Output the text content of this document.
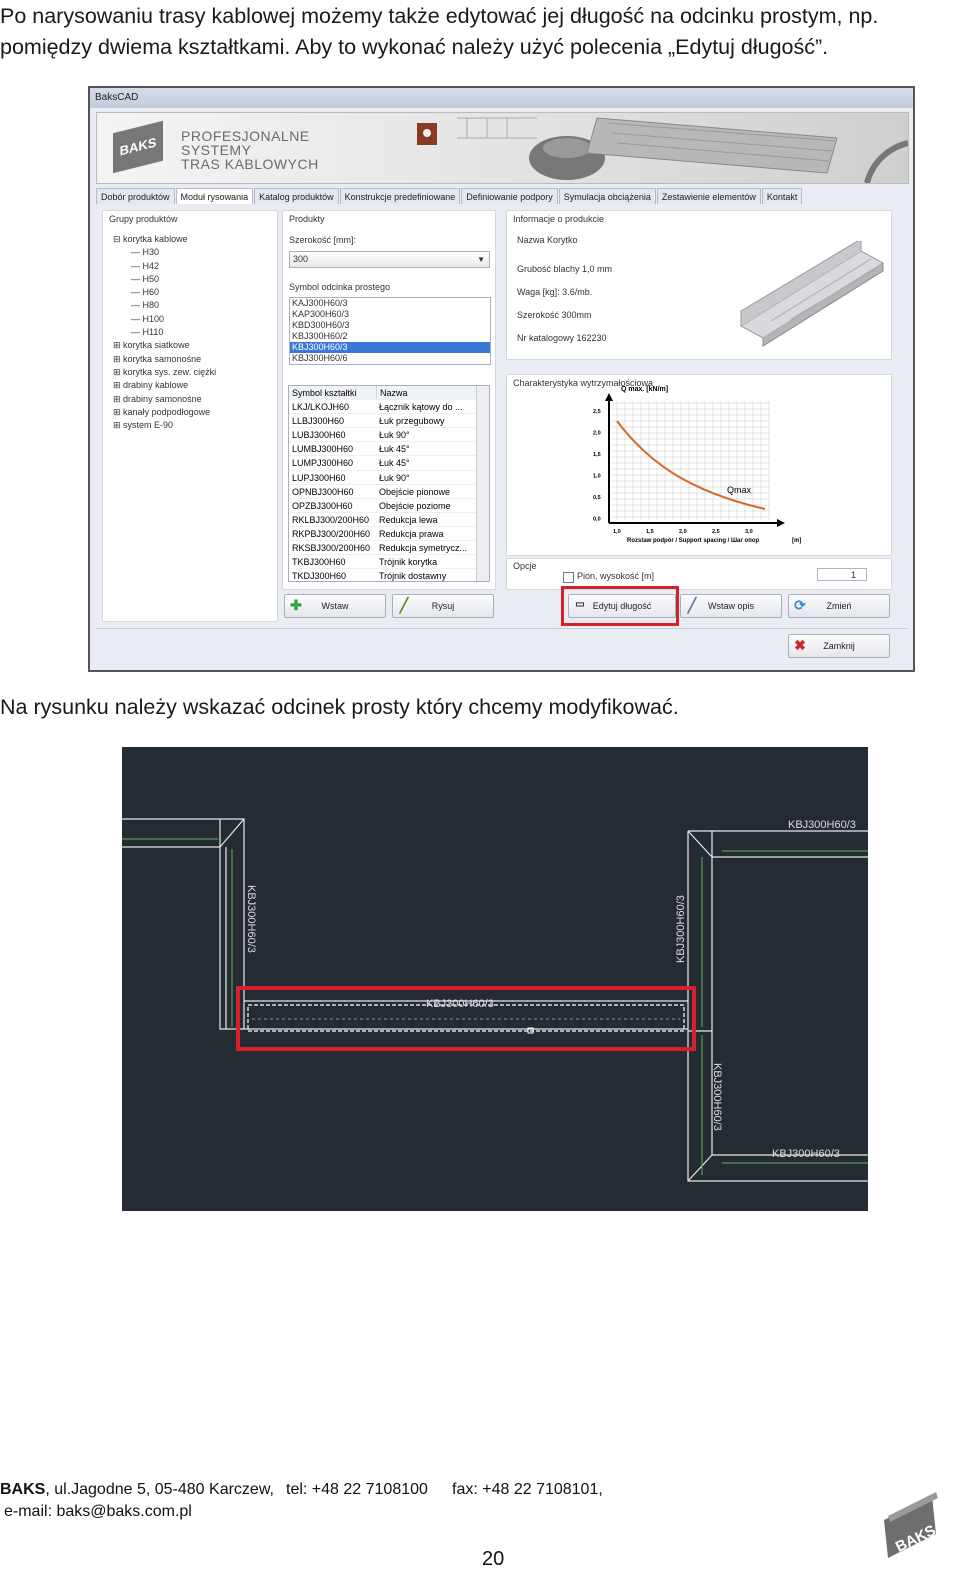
Po narysowaniu trasy kablowej możemy także edytować jej długość na odcinku prostym, np.
pomiędzy dwiema kształtkami. Aby to wykonać należy użyć polecenia „Edytuj długość”.
BaksCAD
BAKS	PROFESJONALNE
SYSTEMY
TRAS KABLOWYCH
Dobór produktów	Moduł rysowania	Katalog produktów	Konstrukcje predefiniowane	Definiowanie podpory	Symulacja obciążenia	Zestawienie elementów	Kontakt
Grupy produktów
⊟ korytka kablowe
— H30
— H42
— H50
— H60
— H80
— H100
— H110
⊞ korytka siatkowe
⊞ korytka samonośne
⊞ korytka sys. zew. ciężki
⊞ drabiny kablowe
⊞ drabiny samonośne
⊞ kanały podpodłogowe
⊞ system E-90
Produkty
Szerokość [mm]:
300	▼
Symbol odcinka prostego
KAJ300H60/3
KAP300H60/3
KBD300H60/3
KBJ300H60/2
KBJ300H60/3
KBJ300H60/6
Symbol kształtki	Nazwa
LKJ/LKOJH60	Łącznik kątowy do ...
LLBJ300H60	Łuk przegubowy
LUBJ300H60	Łuk 90°
LUMBJ300H60	Łuk 45°
LUMPJ300H60	Łuk 45°
LUPJ300H60	Łuk 90°
OPNBJ300H60	Obejście pionowe
OPZBJ300H60	Obejście poziome
RKLBJ300/200H60	Redukcja lewa
RKPBJ300/200H60 Redukcja prawa
RKSBJ300/200H60 Redukcja symetrycz...
TKBJ300H60	Trójnik korytka
TKDJ300H60	Trójnik dostawny
Informacje o produkcie
Nazwa Korytko
Grubość blachy 1,0 mm
Waga [kg]: 3.6/mb.
Szerokość 300mm
Nr katalogowy 162230
Charakterystyka wytrzymałościowa
Q max. [kN/m]
Qmax
2,5
2,0
1,5
1,0
0,5
0,0
1,0	1,5	2,0	2,5	3,0
Rozstaw podpór / Support spacing / Шаг опор	[m]
Opcje
Pion, wysokość [m]	1
✚	Wstaw	╱	Rysuj	▭ Edytuj długość	╱	Wstaw opis	⟳	Zmień
✖	Zamknij
Na rysunku należy wskazać odcinek prosty który chcemy modyfikować.
KBJ300H60/3
KBJ300H60/3	KBJ300H60/3
KBJ300H60/3
KBJ300H60/3
KBJ300H60/3
BAKS, ul.Jagodne 5, 05-480 Karczew, tel: +48 22 7108100 fax: +48 22 7108101,
e-mail: baks@baks.com.pl
20
BAKS
